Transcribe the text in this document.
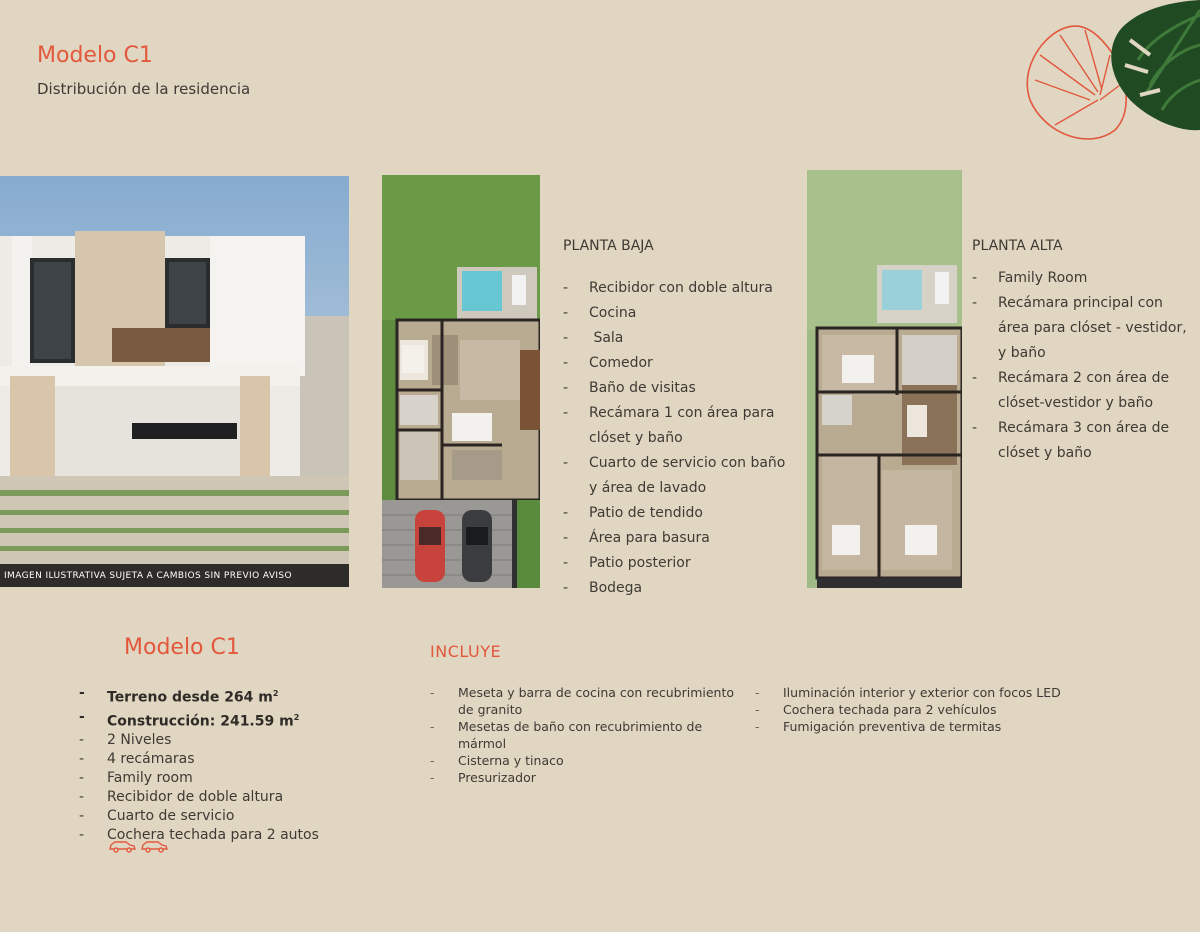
Modelo C1
Distribución de la residencia
IMAGEN ILUSTRATIVA SUJETA A CAMBIOS SIN PREVIO AVISO
PLANTA BAJA
- Recibidor con doble altura
- Cocina
-  Sala
- Comedor
- Baño de visitas
- Recámara 1 con área para clóset y baño
- Cuarto de servicio con baño y área de lavado
- Patio de tendido
- Área para basura
- Patio posterior
- Bodega
PLANTA ALTA
- Family Room
- Recámara principal con área para clóset - vestidor, y baño
- Recámara 2 con área de clóset-vestidor y baño
- Recámara 3 con área de clóset y baño
Modelo C1
- Terreno desde 264 $m^2$
- Construcción: 241.59 $m^2$
- 2 Niveles
- 4 recámaras
- Family room
- Recibidor de doble altura
- Cuarto de servicio
- Cochera techada para 2 autos
INCLUYE
- Meseta y barra de cocina con recubrimiento de granito
- Mesetas de baño con recubrimiento de mármol
- Cisterna y tinaco
- Presurizador
- Iluminación interior y exterior con focos LED
- Cochera techada para 2 vehículos
- Fumigación preventiva de termitas
